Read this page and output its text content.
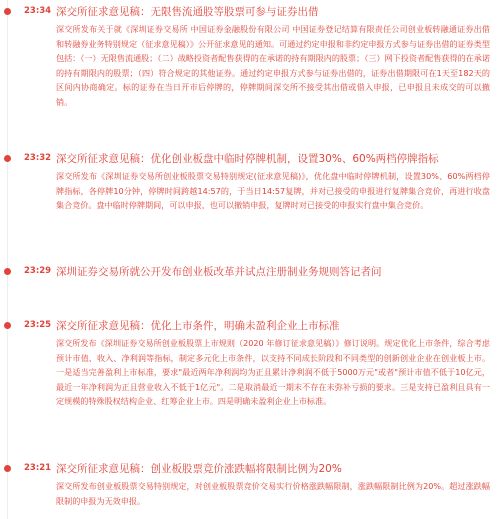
23:34 深交所征求意见稿：无限售流通股等股票可参与证券出借
深交所发布关于就《深圳证券交易所 中国证券金融股份有限公司 中国证券登记结算有限责任公司创业板转融通证券出借和转融券业务特别规定（征求意见稿）》公开征求意见的通知。可通过约定申报和非约定申报方式参与证券出借的证券类型包括：（一）无限售流通股；（二）战略投资者配售获得的在承诺的持有期限内的股票；（三）网下投资者配售获得的在承诺的持有期限内的股票；（四）符合规定的其他证券。通过约定申报方式参与证券出借的，证券出借期限可在1天至182天的区间内协商确定。标的证券在当日开市后停牌的，停牌期间深交所不接受其出借或借入申报，已申报且未成交的可以撤销。
23:32 深交所征求意见稿：优化创业板盘中临时停牌机制，设置30%、60%两档停牌指标
深交所发布《深圳证券交易所创业板股票交易特别规定(征求意见稿)》，优化盘中临时停牌机制，设置30%、60%两档停牌指标，各停牌10分钟，停牌时间跨越14:57的，于当日14:57复牌，并对已接受的申报进行复牌集合竞价，再进行收盘集合竞价。盘中临时停牌期间，可以申报，也可以撤销申报，复牌时对已接受的申报实行盘中集合竞价。
23:29 深圳证券交易所就公开发布创业板改革并试点注册制业务规则答记者问
23:25 深交所征求意见稿：优化上市条件，明确未盈利企业上市标准
深交所发布《深圳证券交易所创业板股票上市规则（2020 年修订征求意见稿）》修订说明。规定优化上市条件，综合考虑预计市值、收入、净利润等指标，制定多元化上市条件，以支持不同成长阶段和不同类型的创新创业企业在创业板上市。一是适当完善盈利上市标准，要求"最近两年净利润均为正且累计净利润不低于5000万元"或者"预计市值不低于10亿元，最近一年净利润为正且营业收入不低于1亿元"。二是取消最近一期末不存在未弥补亏损的要求。三是支持已盈利且具有一定规模的特殊股权结构企业、红筹企业上市。四是明确未盈利企业上市标准。
23:21 深交所征求意见稿：创业板股票竞价涨跌幅将限制比例为20%
深交所发布创业板股票交易特别规定，对创业板股票竞价交易实行价格涨跌幅限制，涨跌幅限制比例为20%。超过涨跌幅限制的申报为无效申报。
